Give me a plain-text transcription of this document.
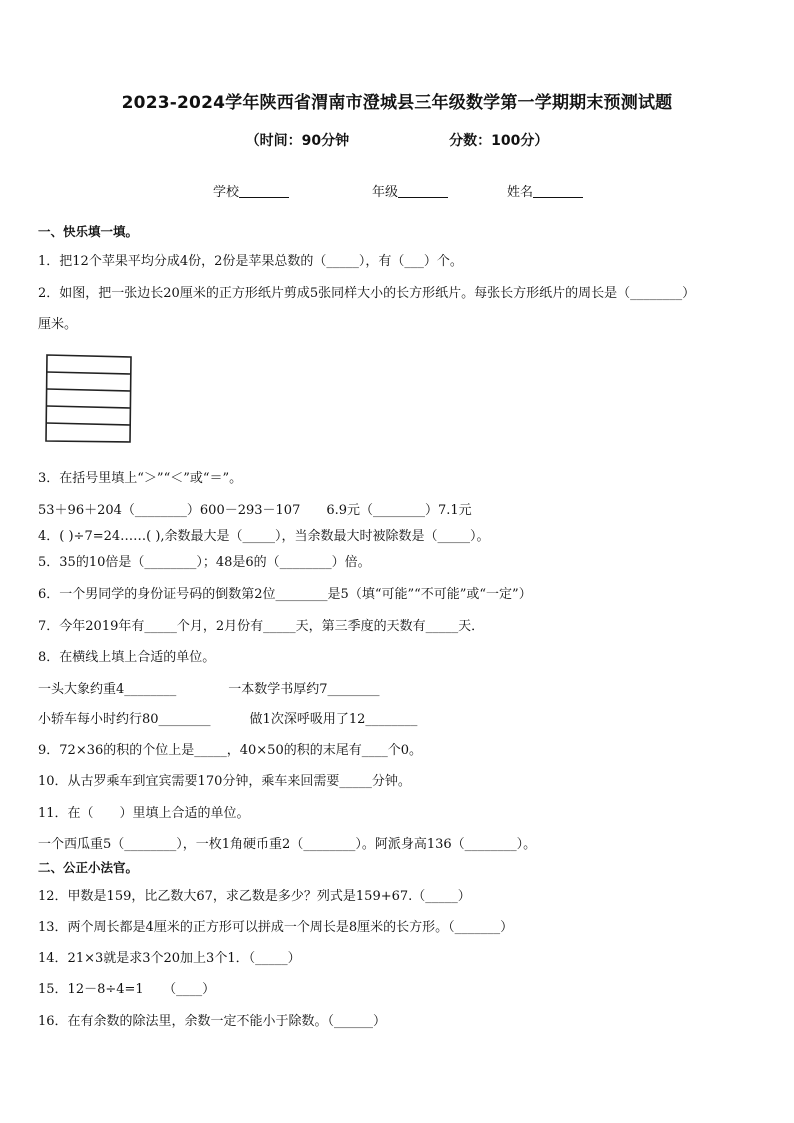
2023-2024学年陕西省渭南市澄城县三年级数学第一学期期末预测试题
（时间：90分钟	分数：100分）
学校	年级	姓名
一、快乐填一填。
1．把12个苹果平均分成4份，2份是苹果总数的（_____），有（___）个。
2．如图，把一张边长20厘米的正方形纸片剪成5张同样大小的长方形纸片。每张长方形纸片的周长是（________）
厘米。
3．在括号里填上“＞”“＜”或“＝”。
53＋96＋204（________）600－293－107　　6.9元（________）7.1元
4．( )÷7=24……( ),余数最大是（_____），当余数最大时被除数是（_____）。
5．35的10倍是（________）；48是6的（________）倍。
6．一个男同学的身份证号码的倒数第2位________是5（填“可能”“不可能”或“一定”）
7．今年2019年有_____个月，2月份有_____天，第三季度的天数有_____天．
8．在横线上填上合适的单位。
一头大象约重4________　　　　一本数学书厚约7________
小轿车每小时约行80________　　　做1次深呼吸用了12________
9．72×36的积的个位上是_____，40×50的积的末尾有____个0。
10．从古罗乘车到宜宾需要170分钟，乘车来回需要_____分钟。
11．在（　　）里填上合适的单位。
一个西瓜重5（________），一枚1角硬币重2（________）。阿派身高136（________）。
二、公正小法官。
12．甲数是159，比乙数大67，求乙数是多少？列式是159+67.（_____）
13．两个周长都是4厘米的正方形可以拼成一个周长是8厘米的长方形。（_______）
14．21×3就是求3个20加上3个1．（_____）
15．12－8÷4=1　　（____）
16．在有余数的除法里，余数一定不能小于除数。（______）
